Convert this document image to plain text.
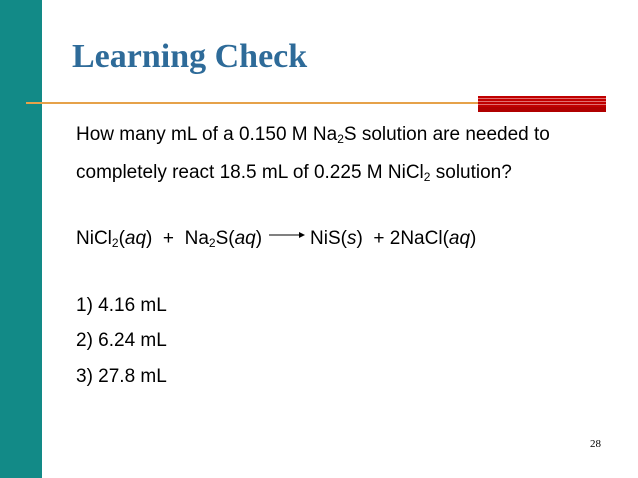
Learning Check
How many mL of a 0.150 M $Na_2S$ solution are needed to
completely react 18.5 mL of 0.225 M NiCl$_2$ solution?
NiCl$_2$(aq)  +  $Na_2S(aq) \to NiS(s)$  + 2NaCl(aq)
1) 4.16 mL
2) 6.24 mL
3) 27.8 mL
28
